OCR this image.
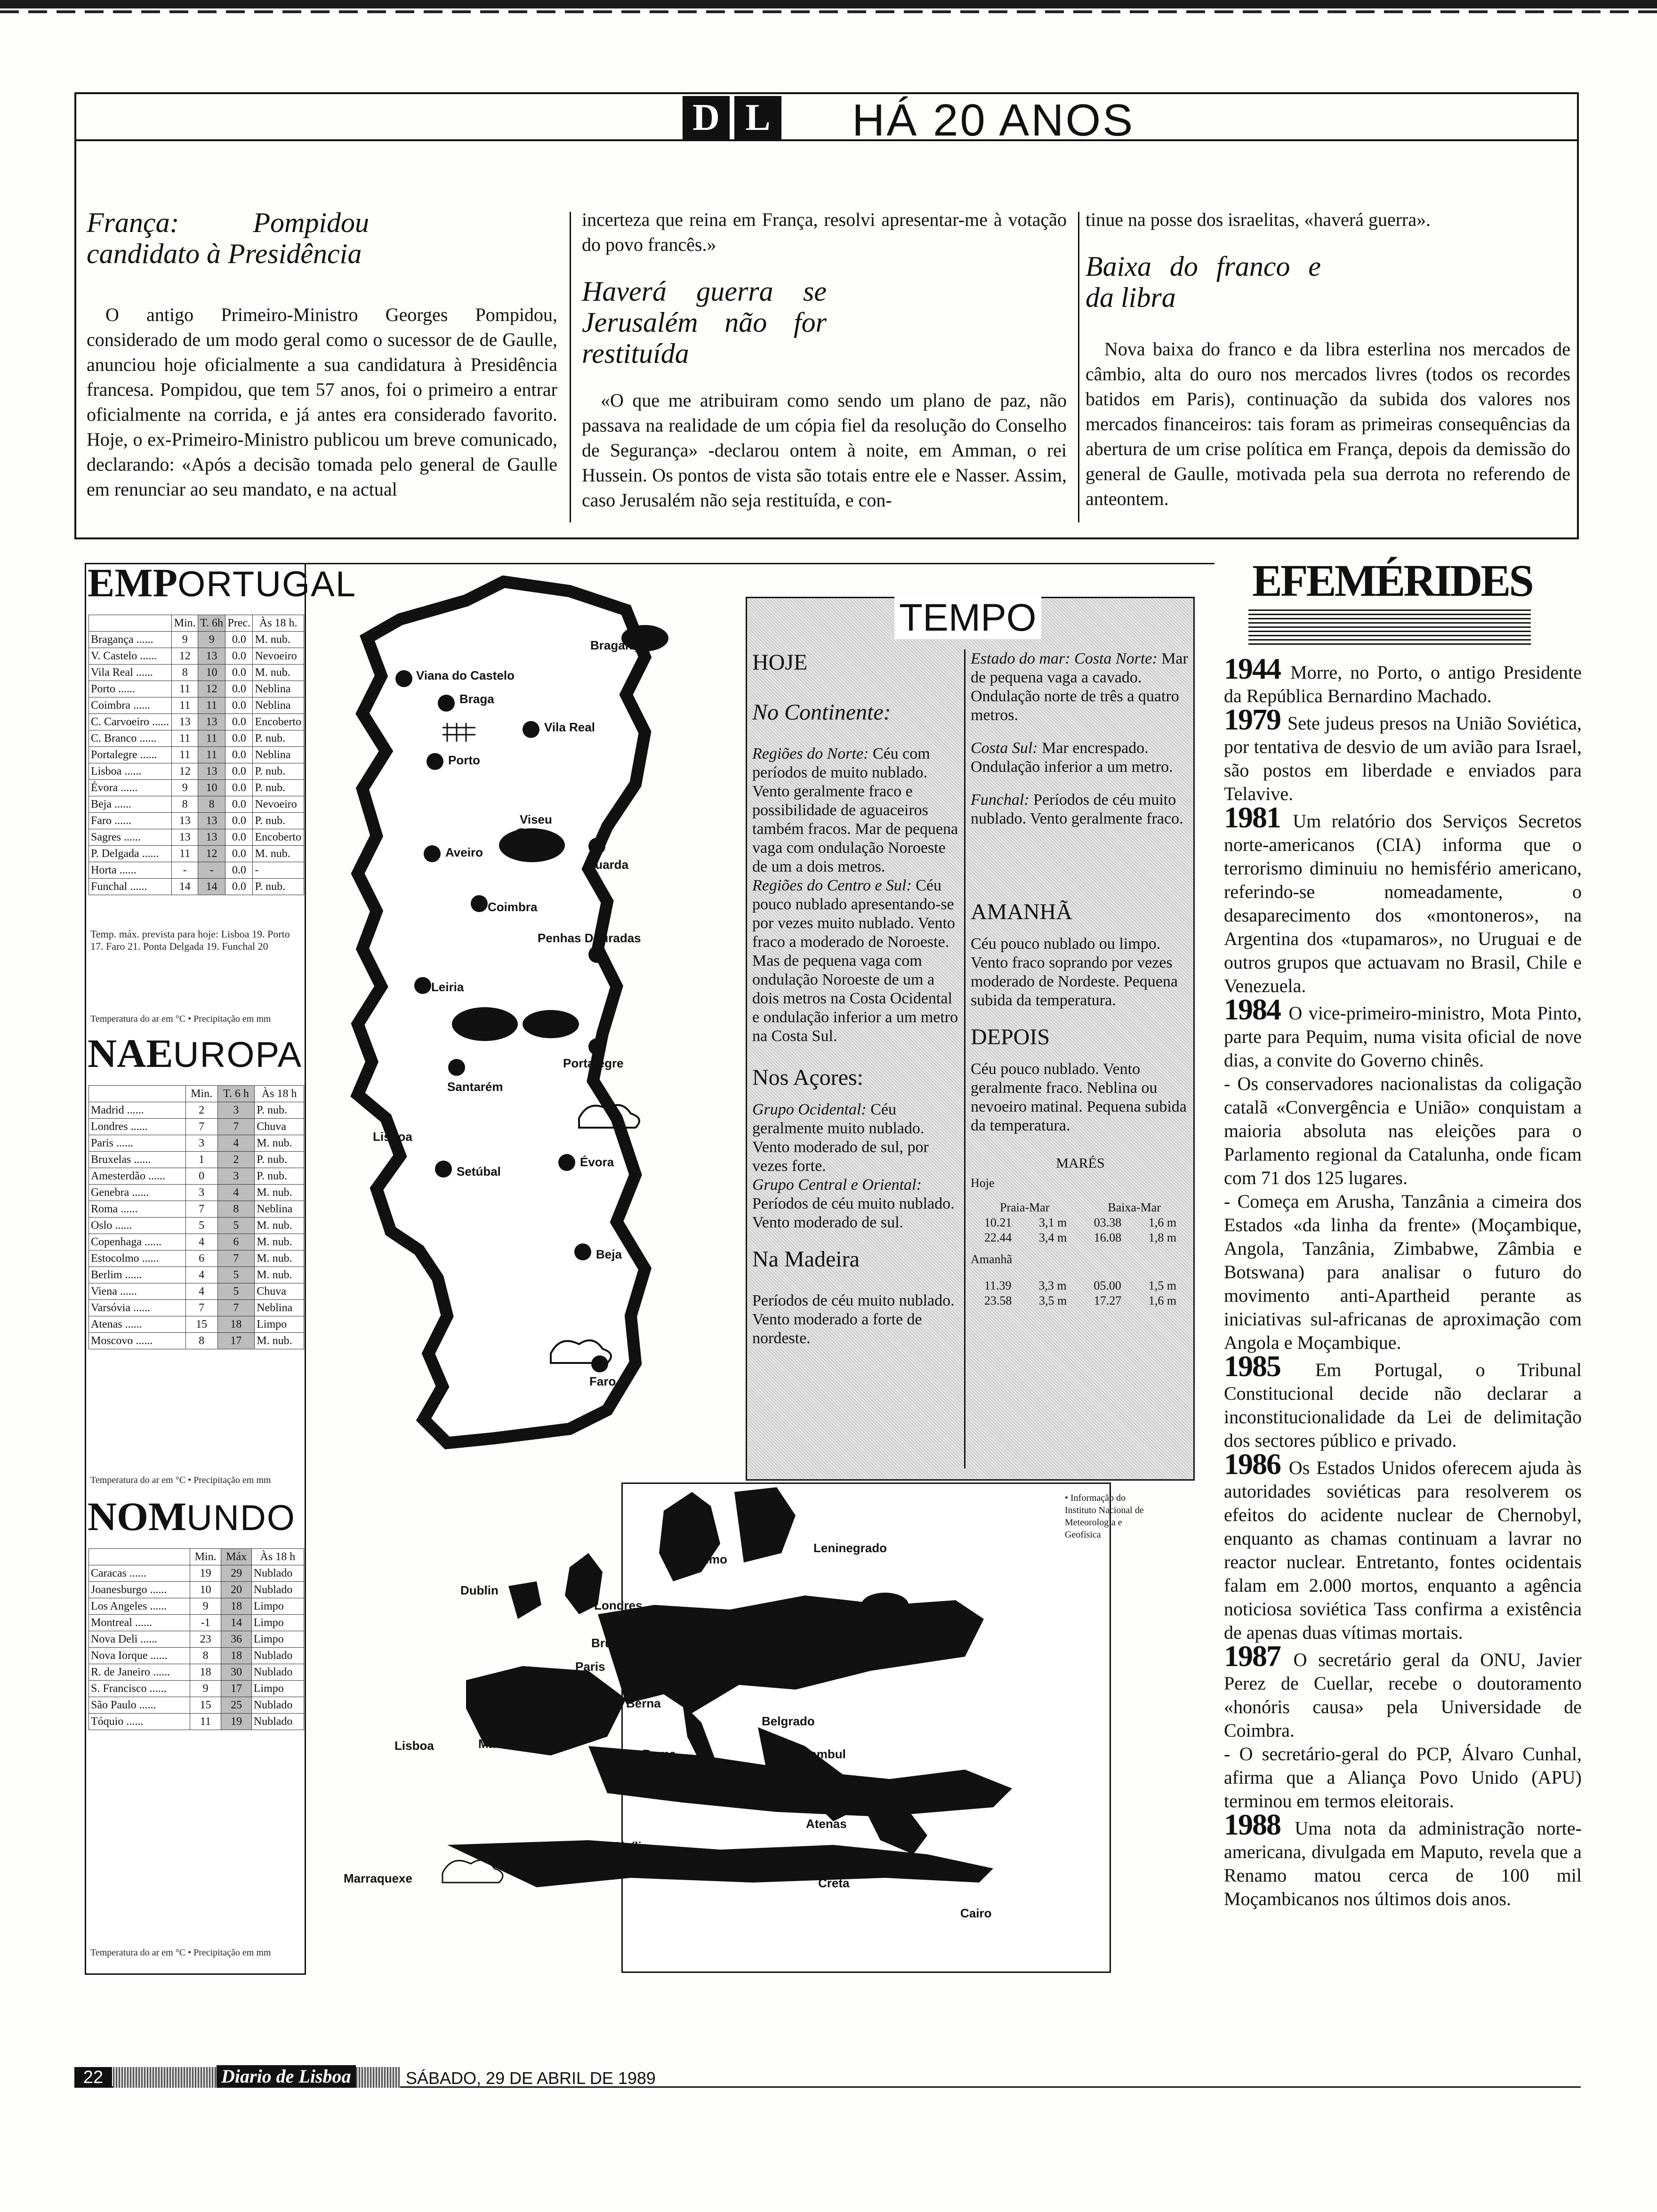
D L	HÁ 20 ANOS
França: Pompidou candidato à Presidência
O antigo Primeiro-Ministro Georges Pompidou, considerado de um modo geral como o sucessor de de Gaulle, anunciou hoje oficialmente a sua candidatura à Presidência francesa. Pompidou, que tem 57 anos, foi o primeiro a entrar oficialmente na corrida, e já antes era considerado favorito. Hoje, o ex-Primeiro-Ministro publicou um breve comunicado, declarando: «Após a decisão tomada pelo general de Gaulle em renunciar ao seu mandato, e na actual
incerteza que reina em França, resolvi apresentar-me à votação do povo francês.»
Haverá guerra se Jerusalém não for restituída
«O que me atribuiram como sendo um plano de paz, não passava na realidade de um cópia fiel da resolução do Conselho de Segurança» -declarou ontem à noite, em Amman, o rei Hussein. Os pontos de vista são totais entre ele e Nasser. Assim, caso Jerusalém não seja restituída, e con-
tinue na posse dos israelitas, «haverá guerra».
Baixa do franco e da libra
Nova baixa do franco e da libra esterlina nos mercados de câmbio, alta do ouro nos mercados livres (todos os recordes batidos em Paris), continuação da subida dos valores nos mercados financeiros: tais foram as primeiras consequências da abertura de um crise política em França, depois da demissão do general de Gaulle, motivada pela sua derrota no referendo de anteontem.
EMPORTUGAL
	Min.	T. 6h	Prec.	Às 18 h.
Bragança ......	9	9	0.0	M. nub.
V. Castelo ......	12	13	0.0	Nevoeiro
Vila Real ......	8	10	0.0	M. nub.
Porto ......	11	12	0.0	Neblina
Coimbra ......	11	11	0.0	Neblina
C. Carvoeiro ......	13	13	0.0	Encoberto
C. Branco ......	11	11	0.0	P. nub.
Portalegre ......	11	11	0.0	Neblina
Lisboa ......	12	13	0.0	P. nub.
Évora ......	9	10	0.0	P. nub.
Beja ......	8	8	0.0	Nevoeiro
Faro ......	13	13	0.0	P. nub.
Sagres ......	13	13	0.0	Encoberto
P. Delgada ......	11	12	0.0	M. nub.
Horta ......	-	-	0.0	-
Funchal ......	14	14	0.0	P. nub.
Temp. máx. prevista para hoje: Lisboa 19. Porto 17. Faro 21. Ponta Delgada 19. Funchal 20
Temperatura do ar em °C • Precipitação em mm
NAEUROPA
	Min.	T. 6 h	Às 18 h
Madrid ......	2	3	P. nub.
Londres ......	7	7	Chuva
Paris ......	3	4	M. nub.
Bruxelas ......	1	2	P. nub.
Amesterdão ......	0	3	P. nub.
Genebra ......	3	4	M. nub.
Roma ......	7	8	Neblina
Oslo ......	5	5	M. nub.
Copenhaga ......	4	6	M. nub.
Estocolmo ......	6	7	M. nub.
Berlim ......	4	5	M. nub.
Viena ......	4	5	Chuva
Varsóvia ......	7	7	Neblina
Atenas ......	15	18	Limpo
Moscovo ......	8	17	M. nub.
Temperatura do ar em °C • Precipitação em mm
NOMUNDO
	Min.	Máx	Às 18 h
Caracas ......	19	29	Nublado
Joanesburgo ......	10	20	Nublado
Los Angeles ......	9	18	Limpo
Montreal ......	-1	14	Limpo
Nova Deli ......	23	36	Limpo
Nova Iorque ......	8	18	Nublado
R. de Janeiro ......	18	30	Nublado
S. Francisco ......	9	17	Limpo
São Paulo ......	15	25	Nublado
Tóquio ......	11	19	Nublado
Temperatura do ar em °C • Precipitação em mm
Viana do Castelo
Braga
Bragança
Vila Real
Porto
Viseu
Aveiro
Guarda
Coimbra
Penhas Douradas
Leiria
Portalegre
Santarém
Lisboa
Setúbal
Évora
Beja
Faro
Oslo
Estocolmo
Leninegrado
Dublin
Londres
Moscovo
Bruxelas	Berlim
Paris
Odessa
Viena
Berna
Belgrado
Lisboa	Madrid
Roma	Istambul
Atenas
Sicília
Creta
Marraquexe
Cairo
TEMPO
HOJE
No Continente:
Regiões do Norte: Céu com períodos de muito nublado. Vento geralmente fraco e possibilidade de aguaceiros também fracos. Mar de pequena vaga com ondulação Noroeste de um a dois metros.
Regiões do Centro e Sul: Céu pouco nublado apresentando-se por vezes muito nublado. Vento fraco a moderado de Noroeste. Mas de pequena vaga com ondulação Noroeste de um a dois metros na Costa Ocidental e ondulação inferior a um metro na Costa Sul.
Nos Açores:
Grupo Ocidental: Céu geralmente muito nublado. Vento moderado de sul, por vezes forte.
Grupo Central e Oriental: Períodos de céu muito nublado. Vento moderado de sul.
Na Madeira
Períodos de céu muito nublado. Vento moderado a forte de nordeste.
Estado do mar: Costa Norte: Mar de pequena vaga a cavado. Ondulação norte de três a quatro metros.
Costa Sul: Mar encrespado. Ondulação inferior a um metro.
Funchal: Períodos de céu muito nublado. Vento geralmente fraco.
AMANHÃ
Céu pouco nublado ou limpo. Vento fraco soprando por vezes moderado de Nordeste. Pequena subida da temperatura.
DEPOIS
Céu pouco nublado. Vento geralmente fraco. Neblina ou nevoeiro matinal. Pequena subida da temperatura.
MARÉS
Hoje
Praia-Mar	Baixa-Mar
10.21 3,1 m 03.38 1,6 m
22.44 3,4 m 16.08 1,8 m
Amanhã
11.39 3,3 m 05.00 1,5 m
23.58 3,5 m 17.27 1,6 m
• Informação do Instituto Nacional de Meteorologia e Geofísica
EFEMÉRIDES
1944 Morre, no Porto, o antigo Presidente da República Bernardino Machado.
1979 Sete judeus presos na União Soviética, por tentativa de desvio de um avião para Israel, são postos em liberdade e enviados para Telavive.
1981 Um relatório dos Serviços Secretos norte-americanos (CIA) informa que o terrorismo diminuiu no hemisfério americano, referindo-se nomeadamente, o desaparecimento dos «montoneros», na Argentina dos «tupamaros», no Uruguai e de outros grupos que actuavam no Brasil, Chile e Venezuela.
1984 O vice-primeiro-ministro, Mota Pinto, parte para Pequim, numa visita oficial de nove dias, a convite do Governo chinês.
- Os conservadores nacionalistas da coligação catalã «Convergência e União» conquistam a maioria absoluta nas eleições para o Parlamento regional da Catalunha, onde ficam com 71 dos 125 lugares.
- Começa em Arusha, Tanzânia a cimeira dos Estados «da linha da frente» (Moçambique, Angola, Tanzânia, Zimbabwe, Zâmbia e Botswana) para analisar o futuro do movimento anti-Apartheid perante as iniciativas sul-africanas de aproximação com Angola e Moçambique.
1985 Em Portugal, o Tribunal Constitucional decide não declarar a inconstitucionalidade da Lei de delimitação dos sectores público e privado.
1986 Os Estados Unidos oferecem ajuda às autoridades soviéticas para resolverem os efeitos do acidente nuclear de Chernobyl, enquanto as chamas continuam a lavrar no reactor nuclear. Entretanto, fontes ocidentais falam em 2.000 mortos, enquanto a agência noticiosa soviética Tass confirma a existência de apenas duas vítimas mortais.
1987 O secretário geral da ONU, Javier Perez de Cuellar, recebe o doutoramento «honóris causa» pela Universidade de Coimbra.
- O secretário-geral do PCP, Álvaro Cunhal, afirma que a Aliança Povo Unido (APU) terminou em termos eleitorais.
1988 Uma nota da administração norte-americana, divulgada em Maputo, revela que a Renamo matou cerca de 100 mil Moçambicanos nos últimos dois anos.
22	Diario de Lisboa	SÁBADO, 29 DE ABRIL DE 1989
